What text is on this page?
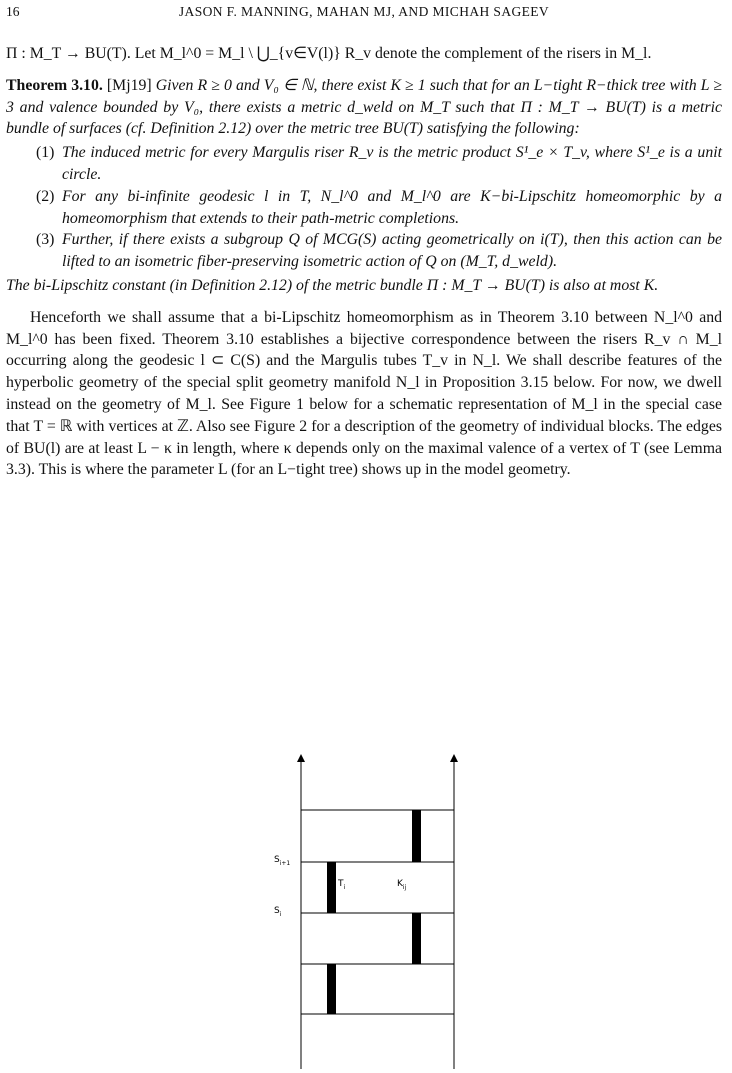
16	JASON F. MANNING, MAHAN MJ, AND MICHAH SAGEEV

Π : M_T → BU(T). Let M_l^0 = M_l \ ⋃_{v∈V(l)} R_v denote the complement of the risers in M_l.

Theorem 3.10. [Mj19] Given R ≥ 0 and V₀ ∈ ℕ, there exist K ≥ 1 such that for an L−tight R−thick tree with L ≥ 3 and valence bounded by V₀, there exists a metric d_weld on M_T such that Π : M_T → BU(T) is a metric bundle of surfaces (cf. Definition 2.12) over the metric tree BU(T) satisfying the following:

(1) The induced metric for every Margulis riser R_v is the metric product S¹_e × T_v, where S¹_e is a unit circle.
(2) For any bi-infinite geodesic l in T, N_l^0 and M_l^0 are K−bi-Lipschitz homeomorphic by a homeomorphism that extends to their path-metric completions.
(3) Further, if there exists a subgroup Q of MCG(S) acting geometrically on i(T), then this action can be lifted to an isometric fiber-preserving isometric action of Q on (M_T, d_weld).

The bi-Lipschitz constant (in Definition 2.12) of the metric bundle Π : M_T → BU(T) is also at most K.

Henceforth we shall assume that a bi-Lipschitz homeomorphism as in Theorem 3.10 between N_l^0 and M_l^0 has been fixed. Theorem 3.10 establishes a bijective correspondence between the risers R_v ∩ M_l occurring along the geodesic l ⊂ C(S) and the Margulis tubes T_v in N_l. We shall describe features of the hyperbolic geometry of the special split geometry manifold N_l in Proposition 3.15 below. For now, we dwell instead on the geometry of M_l. See Figure 1 below for a schematic representation of M_l in the special case that T = ℝ with vertices at ℤ. Also see Figure 2 for a description of the geometry of individual blocks. The edges of BU(l) are at least L − κ in length, where κ depends only on the maximal valence of a vertex of T (see Lemma 3.3). This is where the parameter L (for an L−tight tree) shows up in the model geometry.

$S_{i+1}$
$S_i$
$T_i$	$K_{ij}$
